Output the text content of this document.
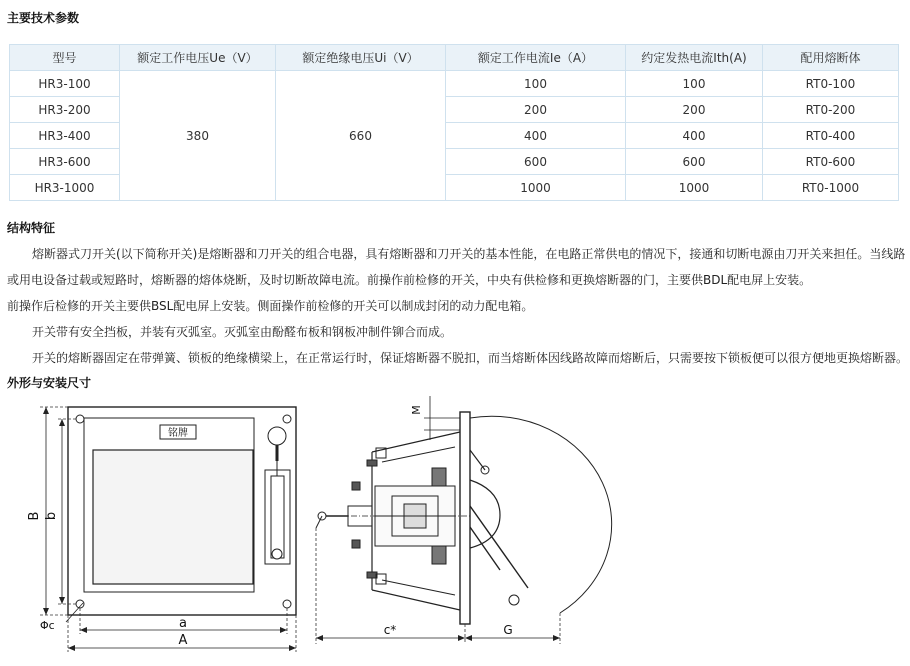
主要技术参数
型号	额定工作电压Ue（V）	额定绝缘电压Ui（V）	额定工作电流Ie（A）	约定发热电流Ith(A)	配用熔断体
HR3-100	380	660	100	100	RT0-100
HR3-200			200	200	RT0-200
HR3-400			400	400	RT0-400
HR3-600			600	600	RT0-600
HR3-1000			1000	1000	RT0-1000
结构特征
熔断器式刀开关(以下简称开关)是熔断器和刀开关的组合电器，具有熔断器和刀开关的基本性能，在电路正常供电的情况下，接通和切断电源由刀开关来担任。当线路
或用电设备过载或短路时，熔断器的熔体烧断，及时切断故障电流。前操作前检修的开关，中央有供检修和更换熔断器的门，主要供BDL配电屏上安装。
前操作后检修的开关主要供BSL配电屏上安装。侧面操作前检修的开关可以制成封闭的动力配电箱。
开关带有安全挡板，并装有灭弧室。灭弧室由酚醛布板和钢板冲制件铆合而成。
开关的熔断器固定在带弹簧、锁板的绝缘横梁上，在正常运行时，保证熔断器不脱扣，而当熔断体因线路故障而熔断后，只需要按下锁板便可以很方便地更换熔断器。
外形与安装尺寸
铭牌
B b
a
A
Φc
M
c*	G
